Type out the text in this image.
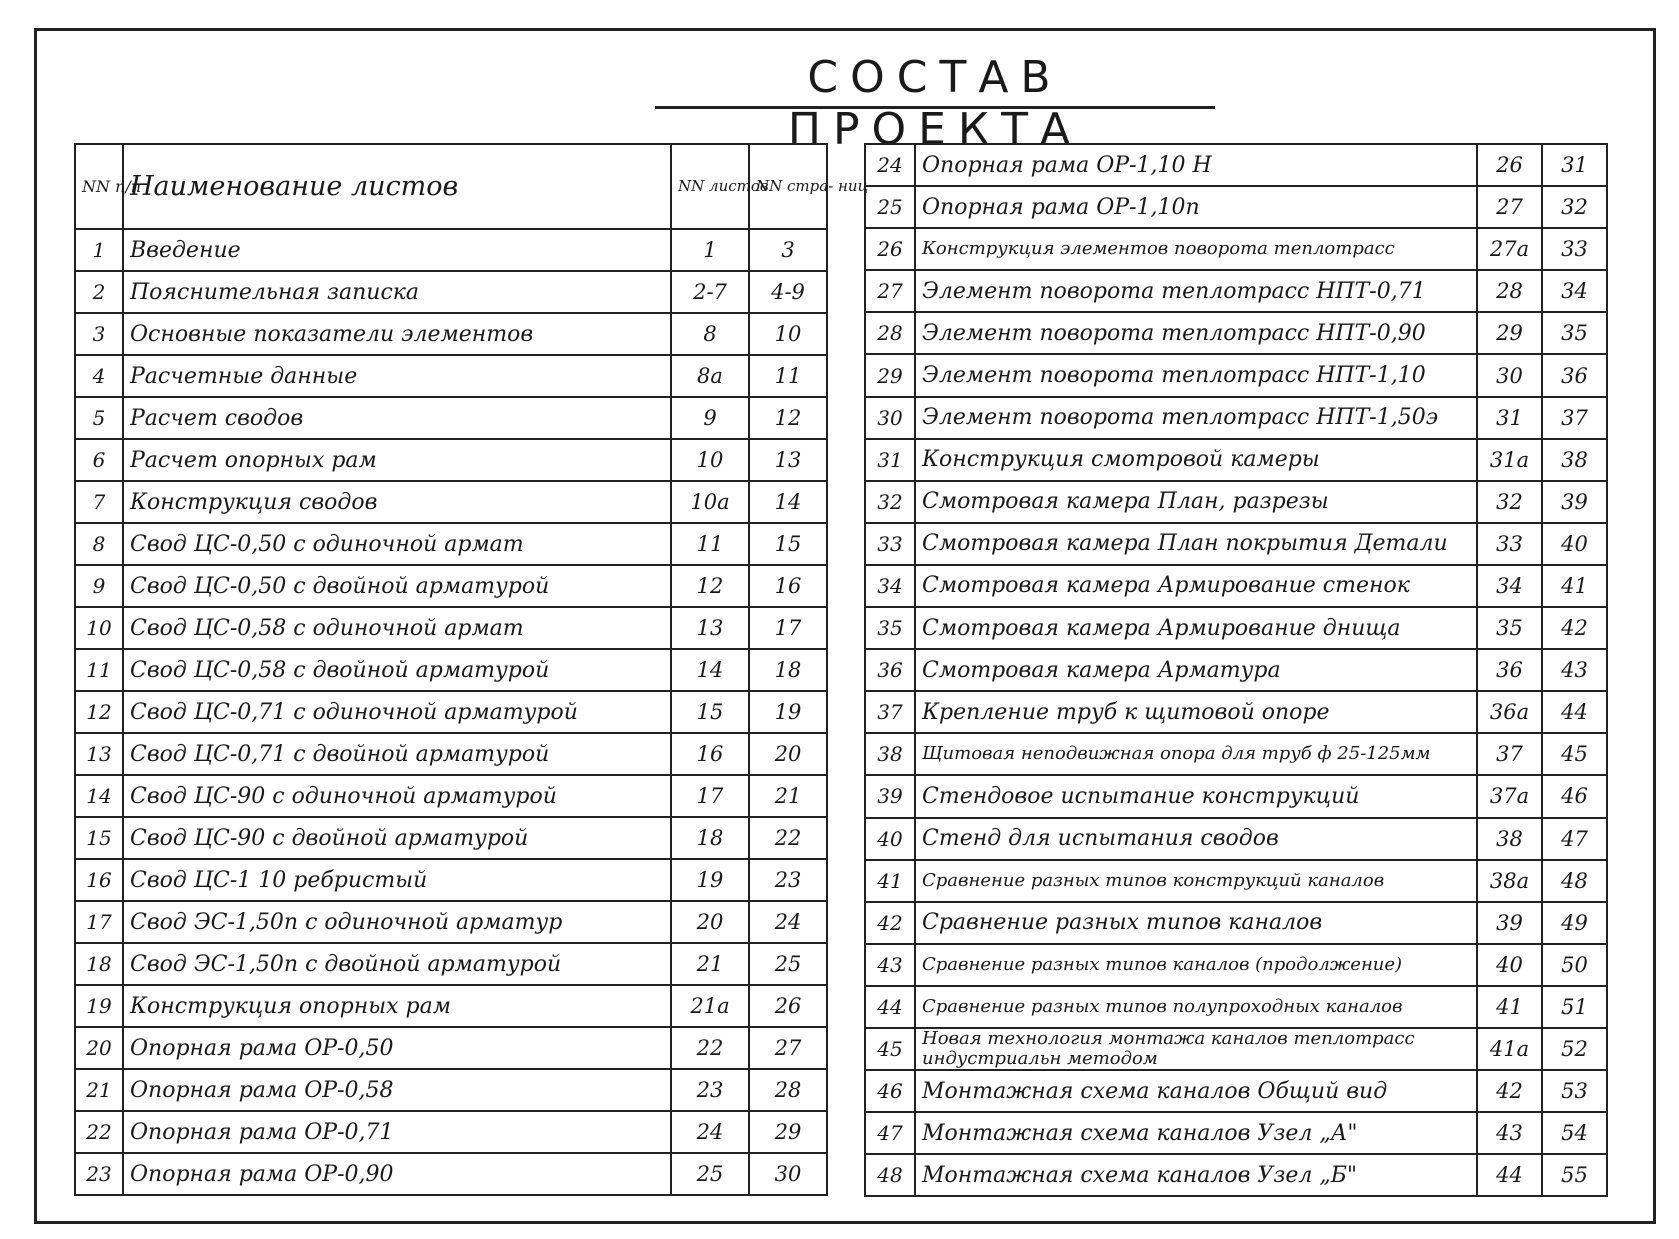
СОСТАВ ПРОЕКТА
NN п/п	Наименование листов	NN листов	NN стра- ниц
1	Введение	1	3
2	Пояснительная записка	2-7	4-9
3	Основные показатели элементов	8	10
4	Расчетные данные	8а	11
5	Расчет сводов	9	12
6	Расчет опорных рам	10	13
7	Конструкция сводов	10а	14
8	Свод ЦС-0,50 с одиночной армат	11	15
9	Свод ЦС-0,50 с двойной арматурой	12	16
10	Свод ЦС-0,58 с одиночной армат	13	17
11	Свод ЦС-0,58 с двойной арматурой	14	18
12	Свод ЦС-0,71 с одиночной арматурой	15	19
13	Свод ЦС-0,71 с двойной арматурой	16	20
14	Свод ЦС-90 с одиночной арматурой	17	21
15	Свод ЦС-90 с двойной арматурой	18	22
16	Свод ЦС-1 10 ребристый	19	23
17	Свод ЭС-1,50п с одиночной арматур	20	24
18	Свод ЭС-1,50п с двойной арматурой	21	25
19	Конструкция опорных рам	21а	26
20	Опорная рама ОР-0,50	22	27
21	Опорная рама ОР-0,58	23	28
22	Опорная рама ОР-0,71	24	29
23	Опорная рама ОР-0,90	25	30
24	Опорная рама ОР-1,10 Н	26	31
25	Опорная рама ОР-1,10п	27	32
26	Конструкция элементов поворота теплотрасс	27а	33
27	Элемент поворота теплотрасс НПТ-0,71	28	34
28	Элемент поворота теплотрасс НПТ-0,90	29	35
29	Элемент поворота теплотрасс НПТ-1,10	30	36
30	Элемент поворота теплотрасс НПТ-1,50э	31	37
31	Конструкция смотровой камеры	31а	38
32	Смотровая камера План, разрезы	32	39
33	Смотровая камера План покрытия Детали	33	40
34	Смотровая камера Армирование стенок	34	41
35	Смотровая камера Армирование днища	35	42
36	Смотровая камера Арматура	36	43
37	Крепление труб к щитовой опоре	36а	44
38	Щитовая неподвижная опора для труб ф 25-125мм	37	45
39	Стендовое испытание конструкций	37а	46
40	Стенд для испытания сводов	38	47
41	Сравнение разных типов конструкций каналов	38а	48
42	Сравнение разных типов каналов	39	49
43	Сравнение разных типов каналов (продолжение)	40	50
44	Сравнение разных типов полупроходных каналов	41	51
45	Новая технология монтажа каналов теплотрасс индустриальн методом	41а	52
46	Монтажная схема каналов Общий вид	42	53
47	Монтажная схема каналов Узел „А"	43	54
48	Монтажная схема каналов Узел „Б"	44	55
